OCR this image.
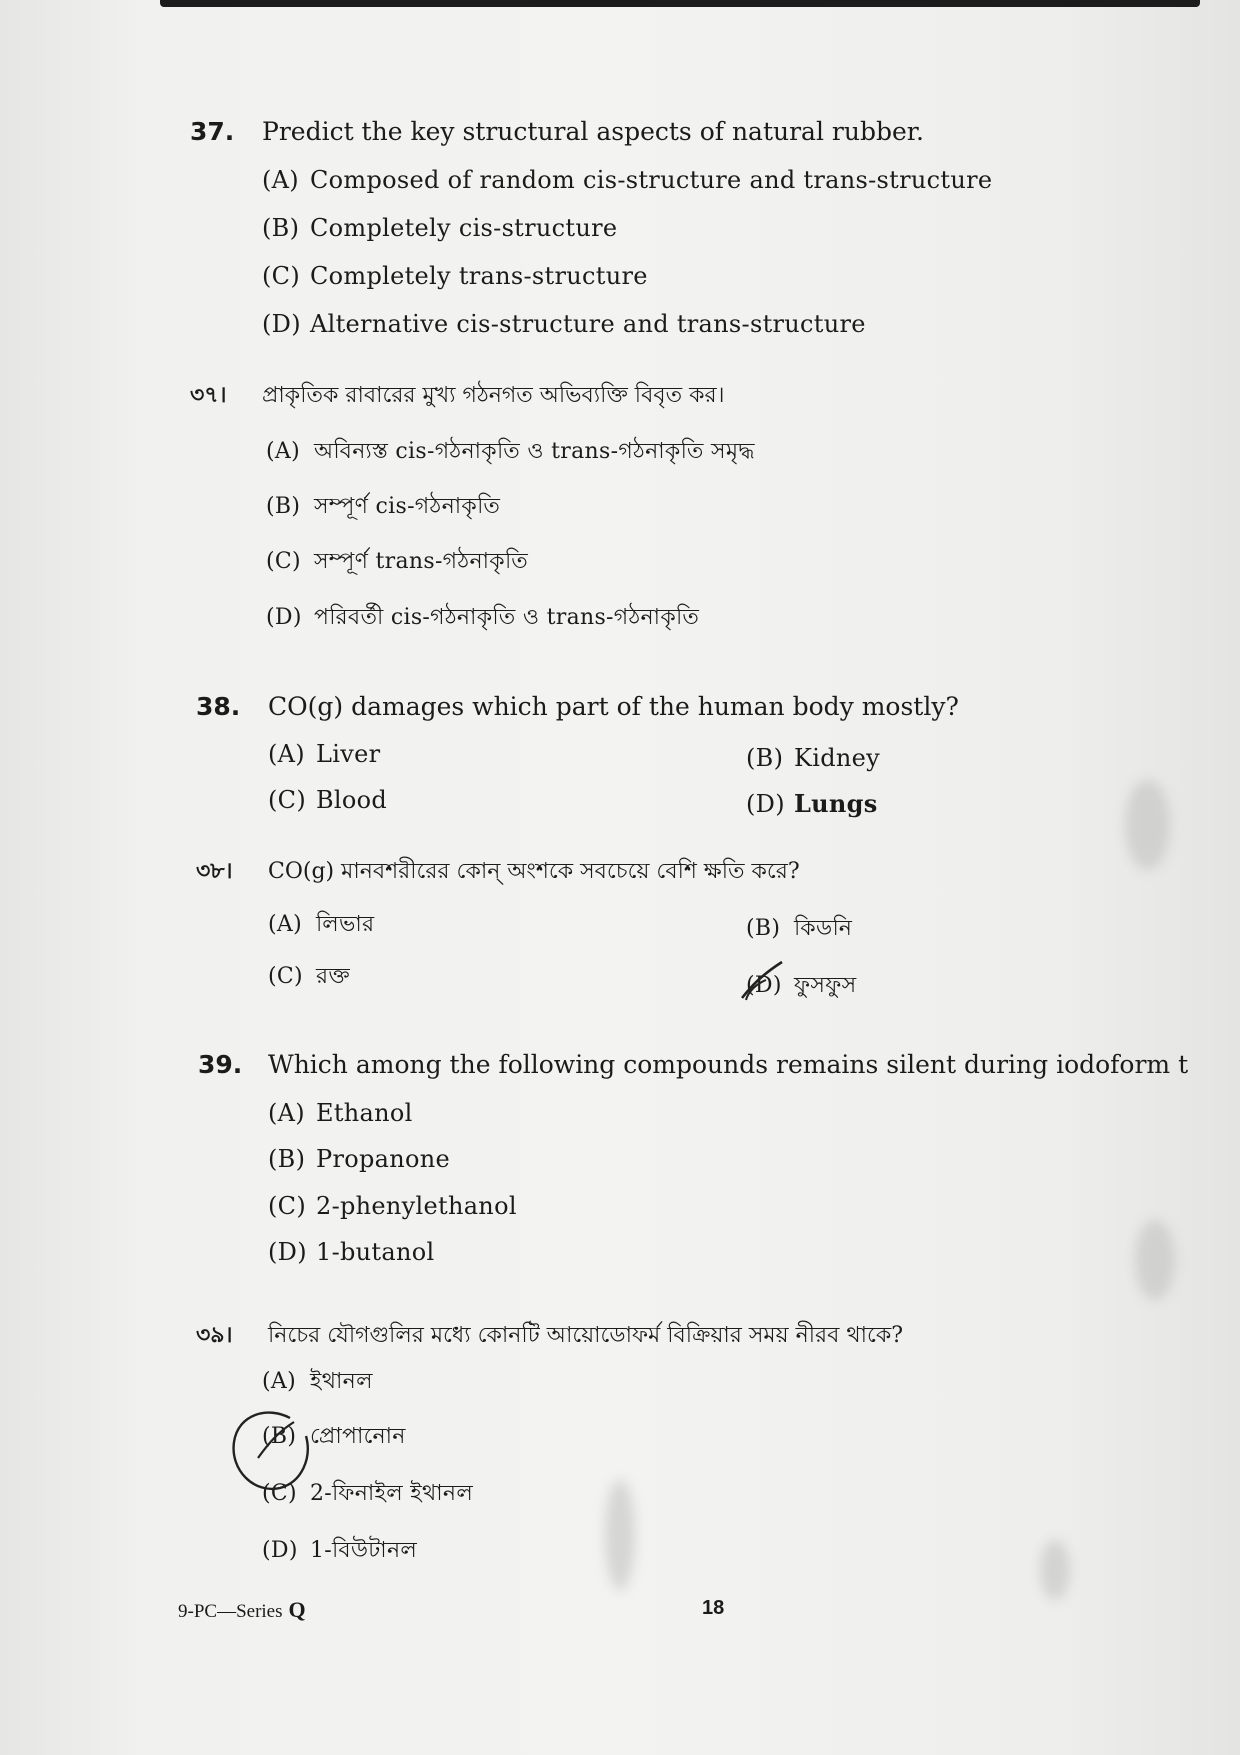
37. Predict the key structural aspects of natural rubber.
(A) Composed of random cis-structure and trans-structure
(B) Completely cis-structure
(C) Completely trans-structure
(D) Alternative cis-structure and trans-structure
৩৭। প্রাকৃতিক রাবারের মুখ্য গঠনগত অভিব্যক্তি বিবৃত কর।
(A) অবিন্যস্ত cis-গঠনাকৃতি ও trans-গঠনাকৃতি সমৃদ্ধ
(B) সম্পূর্ণ cis-গঠনাকৃতি
(C) সম্পূর্ণ trans-গঠনাকৃতি
(D) পরিবর্তী cis-গঠনাকৃতি ও trans-গঠনাকৃতি
38. CO(g) damages which part of the human body mostly?
(A) Liver	(B) Kidney
(C) Blood	(D) Lungs
৩৮। CO(g) মানবশরীরের কোন্ অংশকে সবচেয়ে বেশি ক্ষতি করে?
(A) লিভার	(B) কিডনি
(C) রক্ত	(D) ফুসফুস
39. Which among the following compounds remains silent during iodoform t
(A) Ethanol
(B) Propanone
(C) 2-phenylethanol
(D) 1-butanol
৩৯। নিচের যৌগগুলির মধ্যে কোনটি আয়োডোফর্ম বিক্রিয়ার সময় নীরব থাকে?
(A) ইথানল
(B) প্রোপানোন
(C) 2-ফিনাইল ইথানল
(D) 1-বিউটানল
9-PC—Series Q	18
